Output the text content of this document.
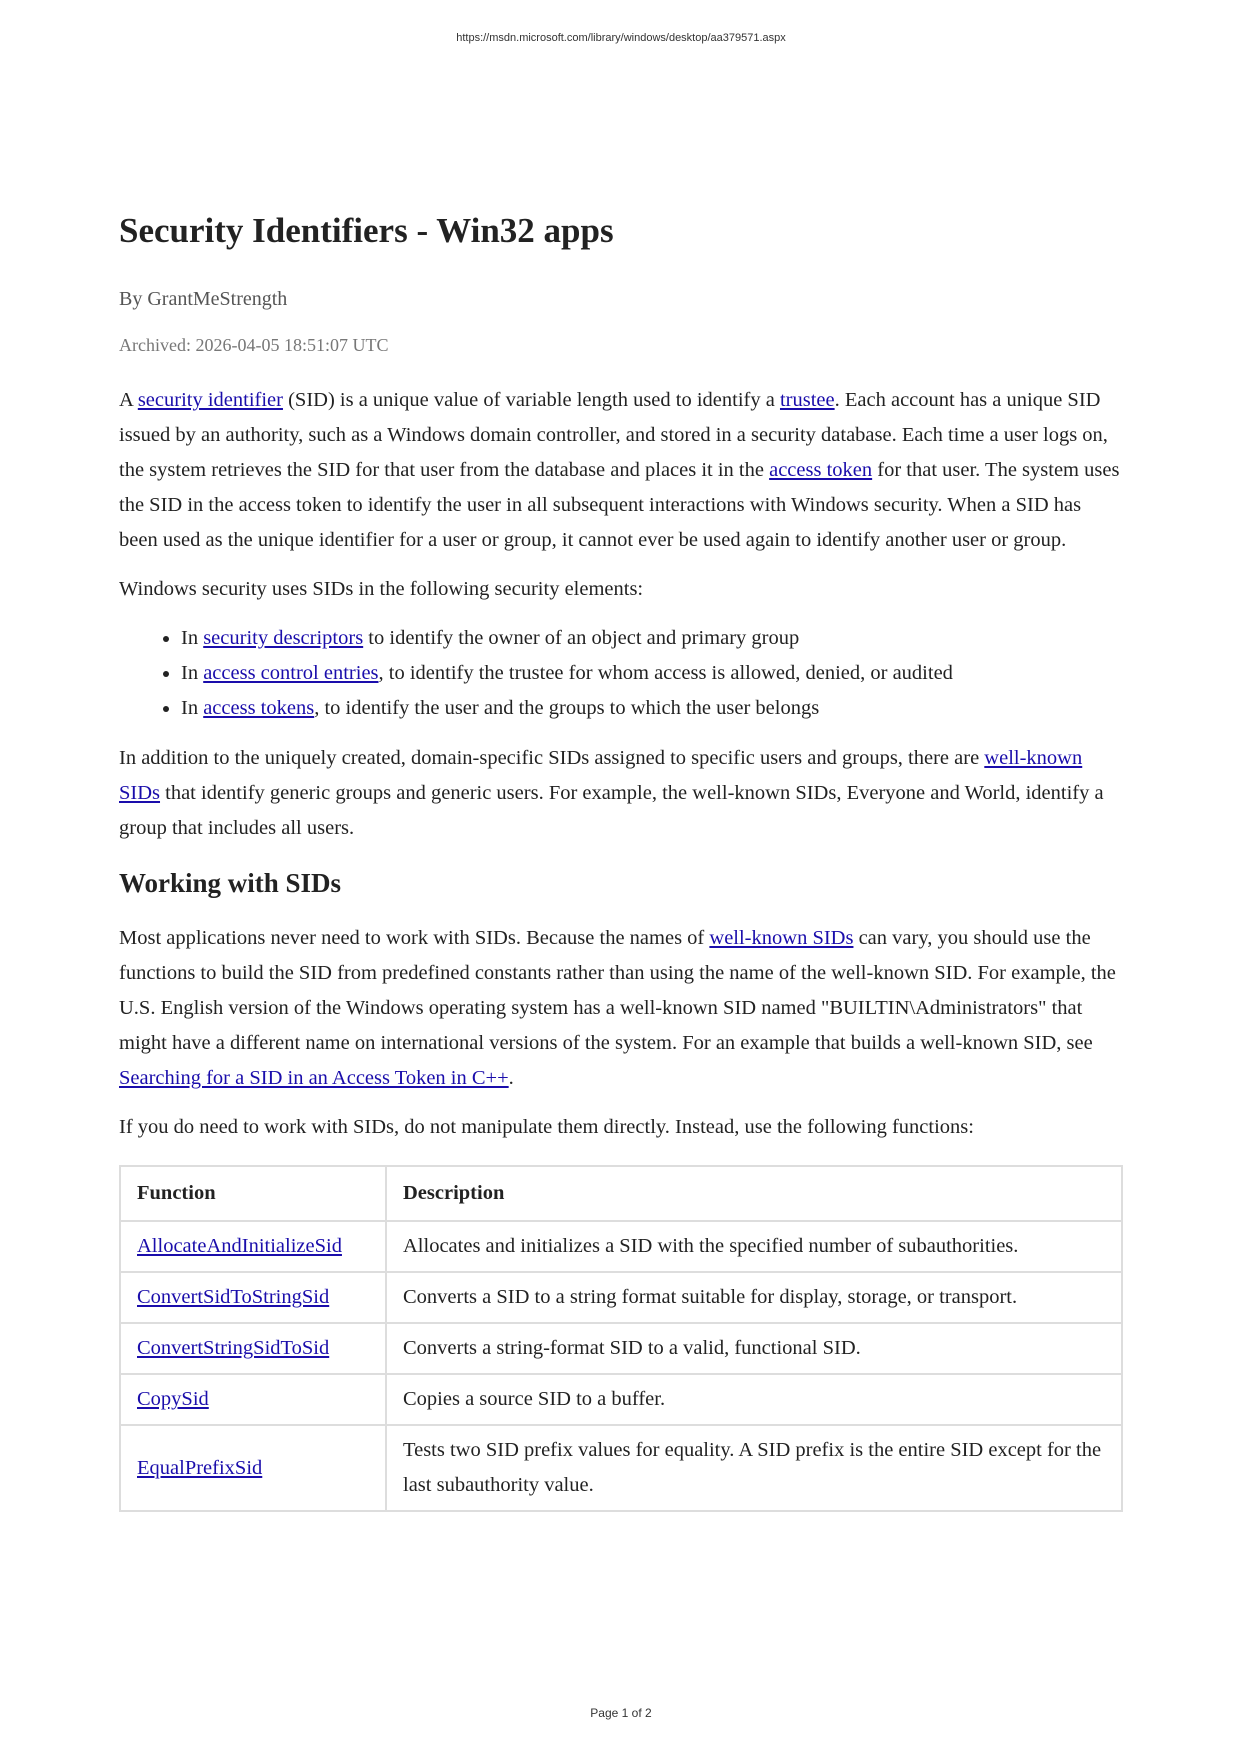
https://msdn.microsoft.com/library/windows/desktop/aa379571.aspx
Security Identifiers - Win32 apps
By GrantMeStrength
Archived: 2026-04-05 18:51:07 UTC

A security identifier (SID) is a unique value of variable length used to identify a trustee. Each account has a unique SID issued by an authority, such as a Windows domain controller, and stored in a security database. Each time a user logs on, the system retrieves the SID for that user from the database and places it in the access token for that user. The system uses the SID in the access token to identify the user in all subsequent interactions with Windows security. When a SID has been used as the unique identifier for a user or group, it cannot ever be used again to identify another user or group.

Windows security uses SIDs in the following security elements:

• In security descriptors to identify the owner of an object and primary group
• In access control entries, to identify the trustee for whom access is allowed, denied, or audited
• In access tokens, to identify the user and the groups to which the user belongs

In addition to the uniquely created, domain-specific SIDs assigned to specific users and groups, there are well-known SIDs that identify generic groups and generic users. For example, the well-known SIDs, Everyone and World, identify a group that includes all users.

Working with SIDs

Most applications never need to work with SIDs. Because the names of well-known SIDs can vary, you should use the functions to build the SID from predefined constants rather than using the name of the well-known SID. For example, the U.S. English version of the Windows operating system has a well-known SID named "BUILTIN\Administrators" that might have a different name on international versions of the system. For an example that builds a well-known SID, see Searching for a SID in an Access Token in C++.

If you do need to work with SIDs, do not manipulate them directly. Instead, use the following functions:

Function	Description
AllocateAndInitializeSid	Allocates and initializes a SID with the specified number of subauthorities.
ConvertSidToStringSid	Converts a SID to a string format suitable for display, storage, or transport.
ConvertStringSidToSid	Converts a string-format SID to a valid, functional SID.
CopySid	Copies a source SID to a buffer.
EqualPrefixSid	Tests two SID prefix values for equality. A SID prefix is the entire SID except for the last subauthority value.
Page 1 of 2
